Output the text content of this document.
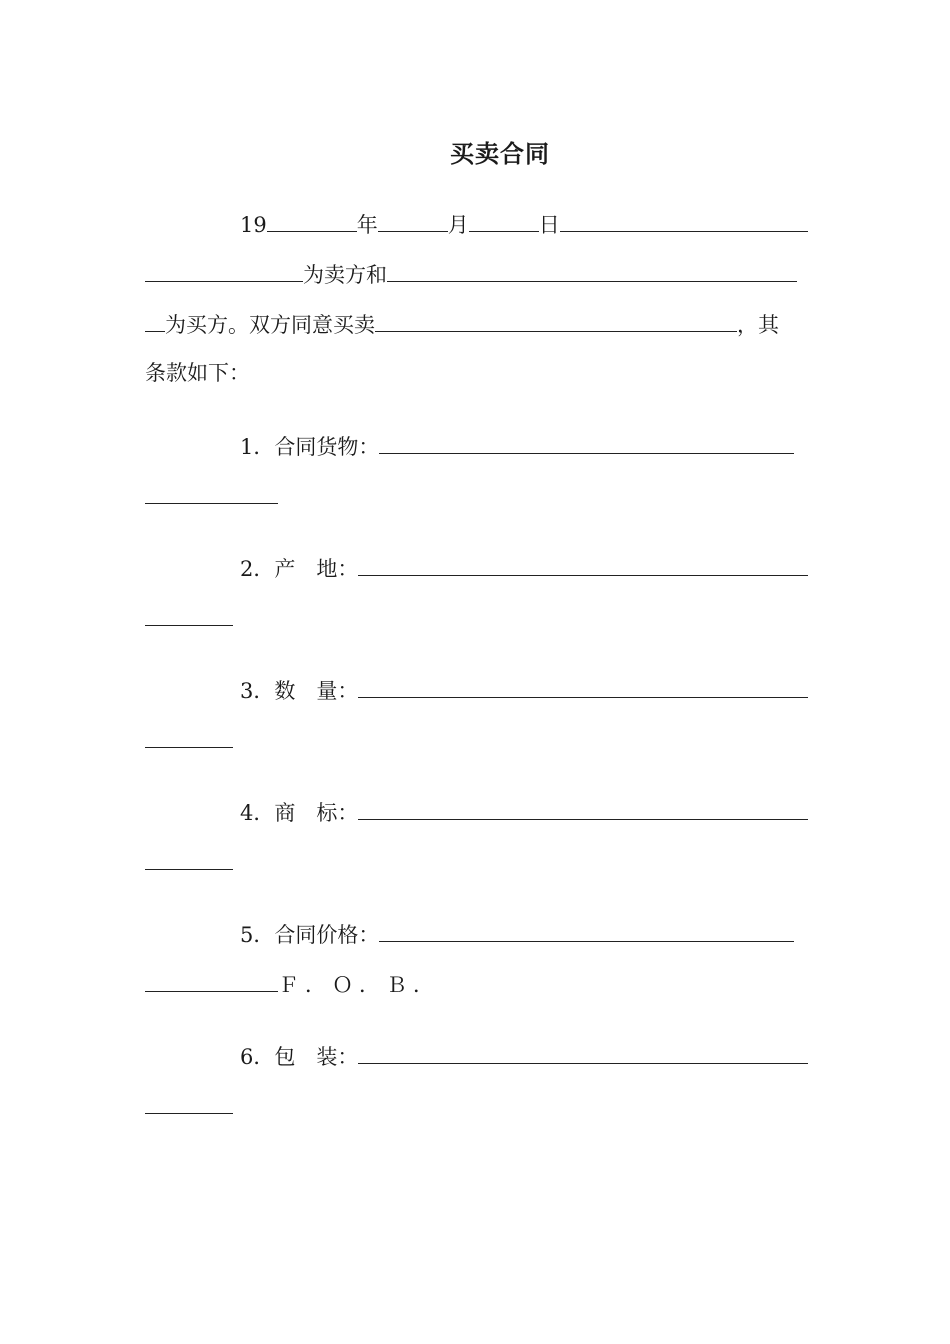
买卖合同
19	年	月	日
为卖方和
为买方。双方同意买卖	，其
条款如下：
1．合同货物：
2．产　地：
3．数　量：
4．商　标：
5．合同价格：
Ｆ．Ｏ．Ｂ．
6．包　装：
